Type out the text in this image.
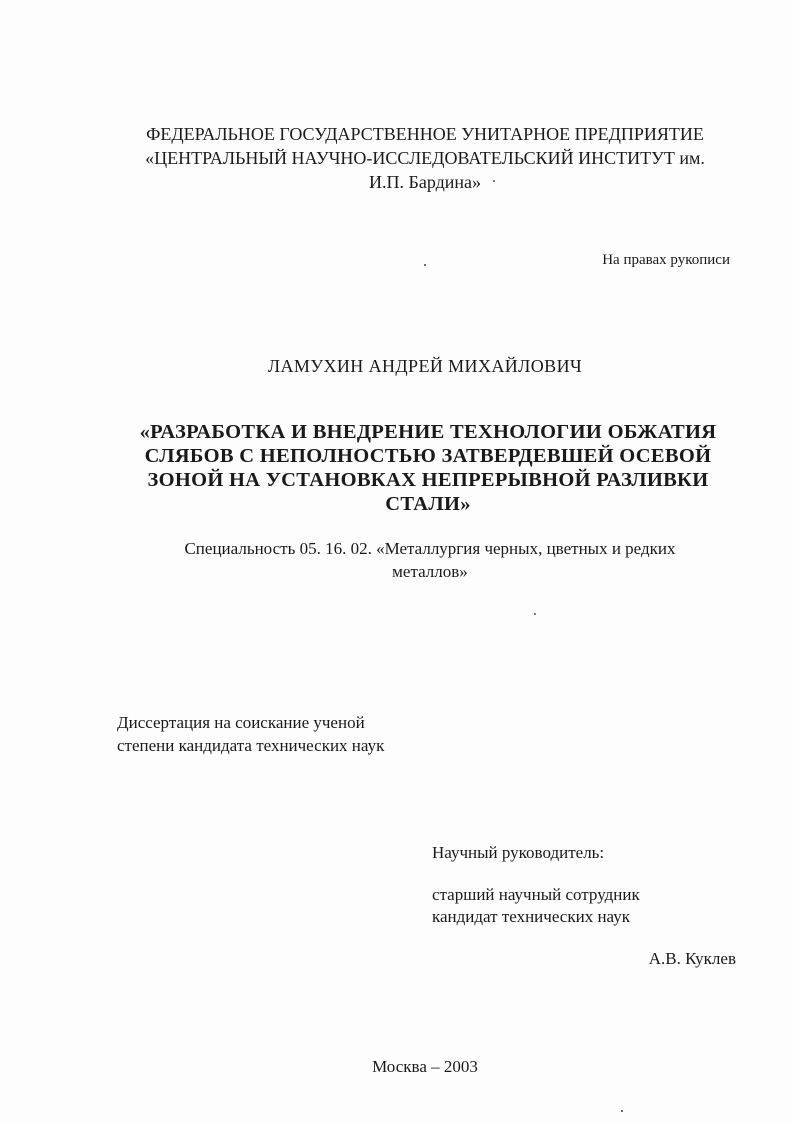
ФЕДЕРАЛЬНОЕ ГОСУДАРСТВЕННОЕ УНИТАРНОЕ ПРЕДПРИЯТИЕ
«ЦЕНТРАЛЬНЫЙ НАУЧНО-ИССЛЕДОВАТЕЛЬСКИЙ ИНСТИТУТ им.
И.П. Бардина»

На правах рукописи

ЛАМУХИН АНДРЕЙ МИХАЙЛОВИЧ

«РАЗРАБОТКА И ВНЕДРЕНИЕ ТЕХНОЛОГИИ ОБЖАТИЯ
СЛЯБОВ С НЕПОЛНОСТЬЮ ЗАТВЕРДЕВШЕЙ ОСЕВОЙ
ЗОНОЙ НА УСТАНОВКАХ НЕПРЕРЫВНОЙ РАЗЛИВКИ
СТАЛИ»

Специальность 05. 16. 02. «Металлургия черных, цветных и редких
металлов»

Диссертация на соискание ученой
степени кандидата технических наук

Научный руководитель:

старший научный сотрудник
кандидат технических наук

А.В. Куклев

Москва – 2003
